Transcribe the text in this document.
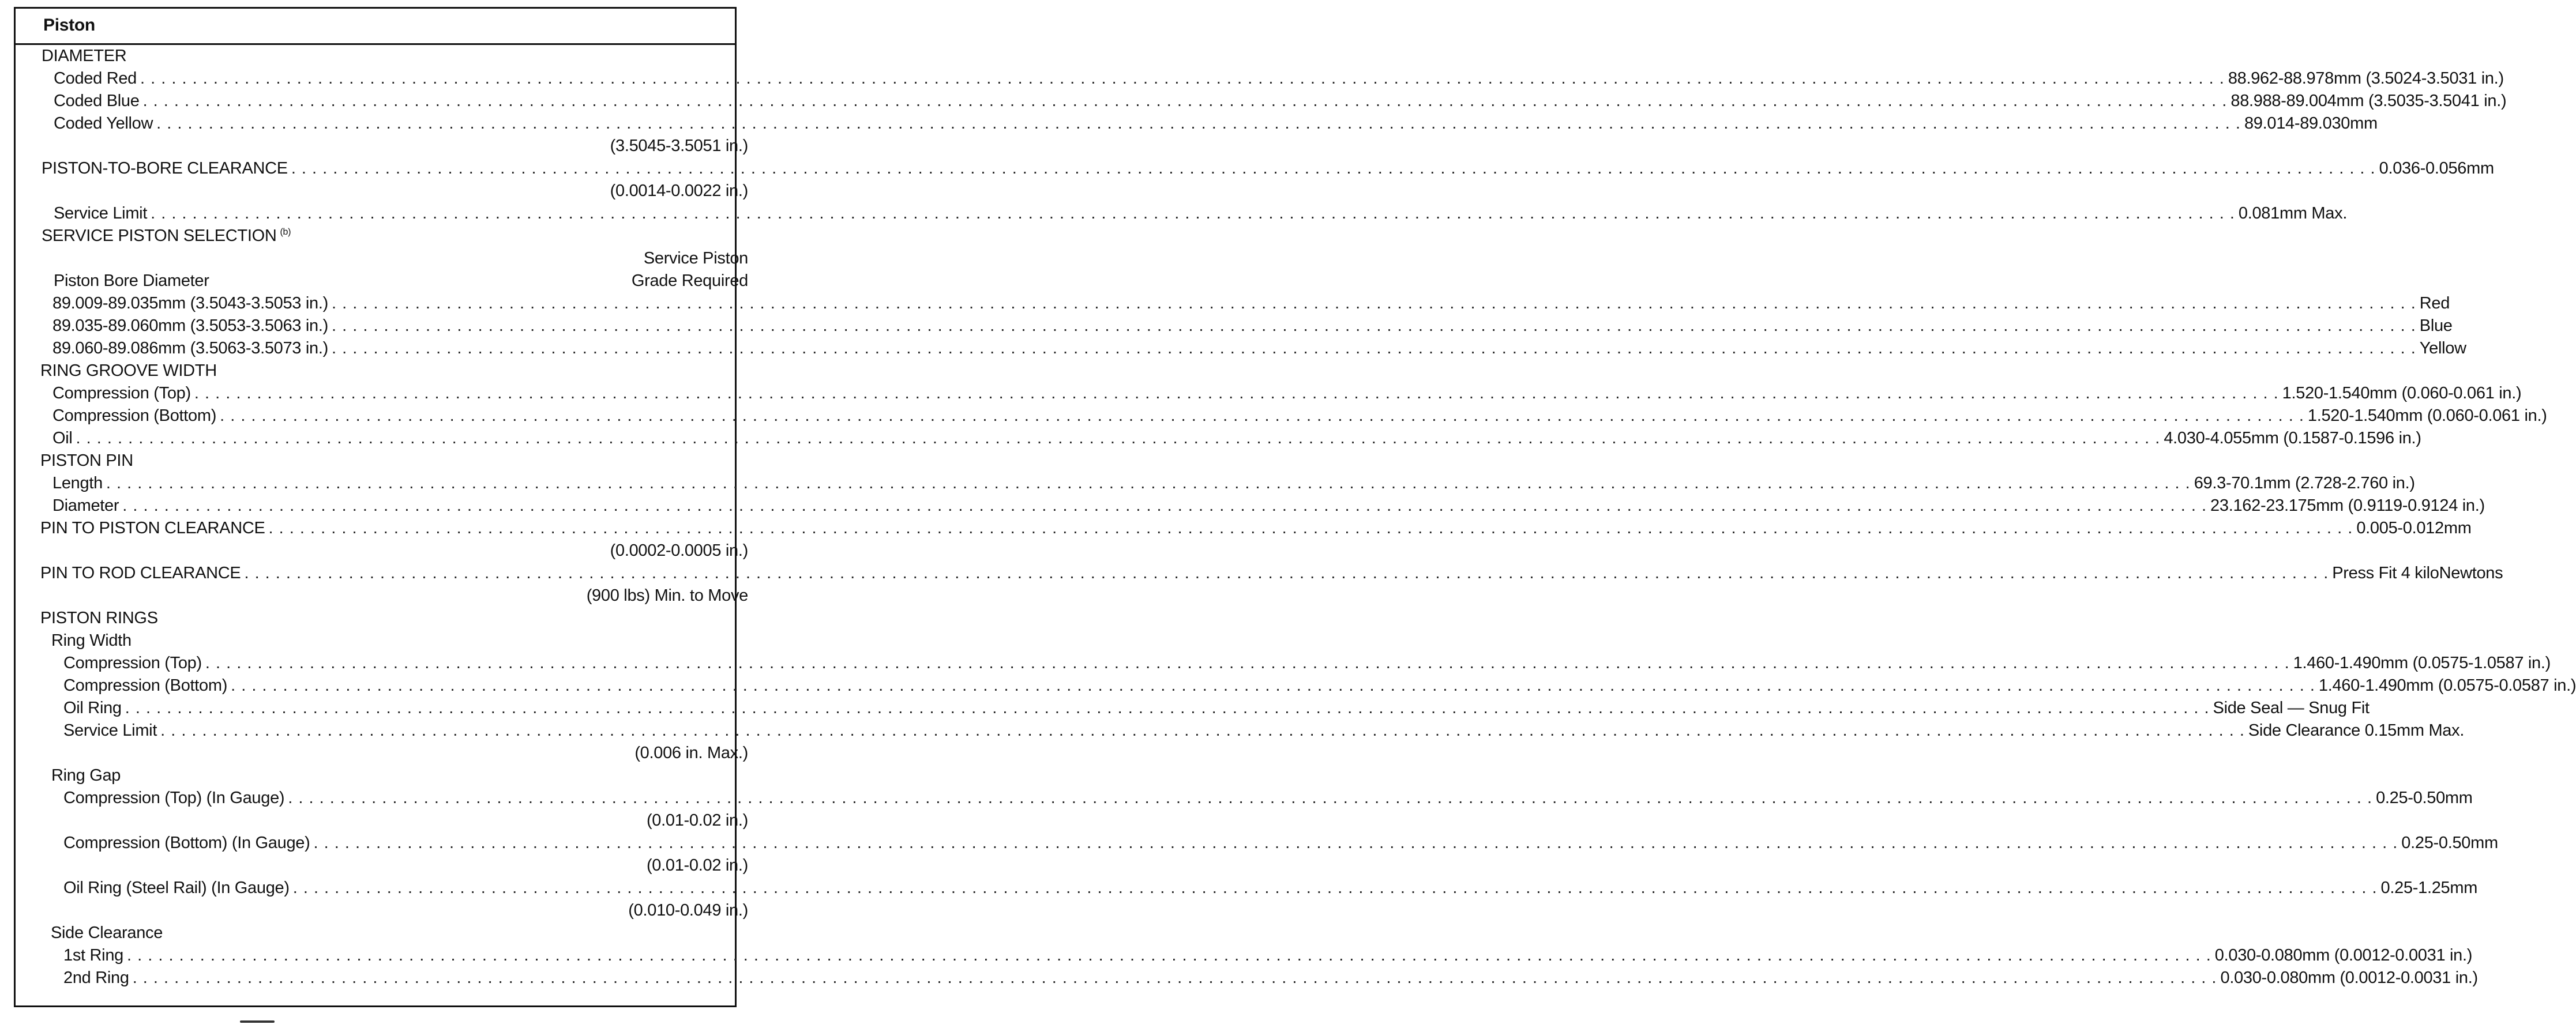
Piston
DIAMETER
Coded Red . . . . . . . . . . . . . . . . . . . . . . . . . . . . . . . . . . . . . . . . . . . . . . . . . . . . . . . . . . . . . . . . . . . . . . . . . . . . . . . . . . . . . . . . . . . . . . . . . . . . . . . . . . . . . . . . . . . . . . . . . . . . . . . . . . . . . . . . . . . . . . . . . . . . . . . . . . . . . . . . . . . . . . . . . . . . . . . . . . . . . . . . . . . . . . . . . . . . . . . . 88.962-88.978mm (3.5024-3.5031 in.)
Coded Blue . . . . . . . . . . . . . . . . . . . . . . . . . . . . . . . . . . . . . . . . . . . . . . . . . . . . . . . . . . . . . . . . . . . . . . . . . . . . . . . . . . . . . . . . . . . . . . . . . . . . . . . . . . . . . . . . . . . . . . . . . . . . . . . . . . . . . . . . . . . . . . . . . . . . . . . . . . . . . . . . . . . . . . . . . . . . . . . . . . . . . . . . . . . . . . . . . . . . . . . . 88.988-89.004mm (3.5035-3.5041 in.)
Coded Yellow . . . . . . . . . . . . . . . . . . . . . . . . . . . . . . . . . . . . . . . . . . . . . . . . . . . . . . . . . . . . . . . . . . . . . . . . . . . . . . . . . . . . . . . . . . . . . . . . . . . . . . . . . . . . . . . . . . . . . . . . . . . . . . . . . . . . . . . . . . . . . . . . . . . . . . . . . . . . . . . . . . . . . . . . . . . . . . . . . . . . . . . . . . . . . . . . . . . . . . . . 89.014-89.030mm
(3.5045-3.5051 in.)
PISTON-TO-BORE CLEARANCE . . . . . . . . . . . . . . . . . . . . . . . . . . . . . . . . . . . . . . . . . . . . . . . . . . . . . . . . . . . . . . . . . . . . . . . . . . . . . . . . . . . . . . . . . . . . . . . . . . . . . . . . . . . . . . . . . . . . . . . . . . . . . . . . . . . . . . . . . . . . . . . . . . . . . . . . . . . . . . . . . . . . . . . . . . . . . . . . . . . . . . . . . . . . . . . . . . . . . . . . 0.036-0.056mm
(0.0014-0.0022 in.)
Service Limit . . . . . . . . . . . . . . . . . . . . . . . . . . . . . . . . . . . . . . . . . . . . . . . . . . . . . . . . . . . . . . . . . . . . . . . . . . . . . . . . . . . . . . . . . . . . . . . . . . . . . . . . . . . . . . . . . . . . . . . . . . . . . . . . . . . . . . . . . . . . . . . . . . . . . . . . . . . . . . . . . . . . . . . . . . . . . . . . . . . . . . . . . . . . . . . . . . . . . . . . 0.081mm Max.
SERVICE PISTON SELECTION $^{(b)}$
Service Piston
Piston Bore Diameter	Grade Required
89.009-89.035mm (3.5043-3.5053 in.) . . . . . . . . . . . . . . . . . . . . . . . . . . . . . . . . . . . . . . . . . . . . . . . . . . . . . . . . . . . . . . . . . . . . . . . . . . . . . . . . . . . . . . . . . . . . . . . . . . . . . . . . . . . . . . . . . . . . . . . . . . . . . . . . . . . . . . . . . . . . . . . . . . . . . . . . . . . . . . . . . . . . . . . . . . . . . . . . . . . . . . . . . . . . . . . . . . . . . . . . Red
89.035-89.060mm (3.5053-3.5063 in.) . . . . . . . . . . . . . . . . . . . . . . . . . . . . . . . . . . . . . . . . . . . . . . . . . . . . . . . . . . . . . . . . . . . . . . . . . . . . . . . . . . . . . . . . . . . . . . . . . . . . . . . . . . . . . . . . . . . . . . . . . . . . . . . . . . . . . . . . . . . . . . . . . . . . . . . . . . . . . . . . . . . . . . . . . . . . . . . . . . . . . . . . . . . . . . . . . . . . . . . . Blue
89.060-89.086mm (3.5063-3.5073 in.) . . . . . . . . . . . . . . . . . . . . . . . . . . . . . . . . . . . . . . . . . . . . . . . . . . . . . . . . . . . . . . . . . . . . . . . . . . . . . . . . . . . . . . . . . . . . . . . . . . . . . . . . . . . . . . . . . . . . . . . . . . . . . . . . . . . . . . . . . . . . . . . . . . . . . . . . . . . . . . . . . . . . . . . . . . . . . . . . . . . . . . . . . . . . . . . . . . . . . . . . Yellow
RING GROOVE WIDTH
Compression (Top) . . . . . . . . . . . . . . . . . . . . . . . . . . . . . . . . . . . . . . . . . . . . . . . . . . . . . . . . . . . . . . . . . . . . . . . . . . . . . . . . . . . . . . . . . . . . . . . . . . . . . . . . . . . . . . . . . . . . . . . . . . . . . . . . . . . . . . . . . . . . . . . . . . . . . . . . . . . . . . . . . . . . . . . . . . . . . . . . . . . . . . . . . . . . . . . . . . . . . . . . 1.520-1.540mm (0.060-0.061 in.)
Compression (Bottom) . . . . . . . . . . . . . . . . . . . . . . . . . . . . . . . . . . . . . . . . . . . . . . . . . . . . . . . . . . . . . . . . . . . . . . . . . . . . . . . . . . . . . . . . . . . . . . . . . . . . . . . . . . . . . . . . . . . . . . . . . . . . . . . . . . . . . . . . . . . . . . . . . . . . . . . . . . . . . . . . . . . . . . . . . . . . . . . . . . . . . . . . . . . . . . . . . . . . . . . . 1.520-1.540mm (0.060-0.061 in.)
Oil . . . . . . . . . . . . . . . . . . . . . . . . . . . . . . . . . . . . . . . . . . . . . . . . . . . . . . . . . . . . . . . . . . . . . . . . . . . . . . . . . . . . . . . . . . . . . . . . . . . . . . . . . . . . . . . . . . . . . . . . . . . . . . . . . . . . . . . . . . . . . . . . . . . . . . . . . . . . . . . . . . . . . . . . . . . . . . . . . . . . . . . . . . . . . . . . . . . . . . . . 4.030-4.055mm (0.1587-0.1596 in.)
PISTON PIN
Length . . . . . . . . . . . . . . . . . . . . . . . . . . . . . . . . . . . . . . . . . . . . . . . . . . . . . . . . . . . . . . . . . . . . . . . . . . . . . . . . . . . . . . . . . . . . . . . . . . . . . . . . . . . . . . . . . . . . . . . . . . . . . . . . . . . . . . . . . . . . . . . . . . . . . . . . . . . . . . . . . . . . . . . . . . . . . . . . . . . . . . . . . . . . . . . . . . . . . . . . 69.3-70.1mm (2.728-2.760 in.)
Diameter . . . . . . . . . . . . . . . . . . . . . . . . . . . . . . . . . . . . . . . . . . . . . . . . . . . . . . . . . . . . . . . . . . . . . . . . . . . . . . . . . . . . . . . . . . . . . . . . . . . . . . . . . . . . . . . . . . . . . . . . . . . . . . . . . . . . . . . . . . . . . . . . . . . . . . . . . . . . . . . . . . . . . . . . . . . . . . . . . . . . . . . . . . . . . . . . . . . . . . . . 23.162-23.175mm (0.9119-0.9124 in.)
PIN TO PISTON CLEARANCE . . . . . . . . . . . . . . . . . . . . . . . . . . . . . . . . . . . . . . . . . . . . . . . . . . . . . . . . . . . . . . . . . . . . . . . . . . . . . . . . . . . . . . . . . . . . . . . . . . . . . . . . . . . . . . . . . . . . . . . . . . . . . . . . . . . . . . . . . . . . . . . . . . . . . . . . . . . . . . . . . . . . . . . . . . . . . . . . . . . . . . . . . . . . . . . . . . . . . . . . 0.005-0.012mm
(0.0002-0.0005 in.)
PIN TO ROD CLEARANCE . . . . . . . . . . . . . . . . . . . . . . . . . . . . . . . . . . . . . . . . . . . . . . . . . . . . . . . . . . . . . . . . . . . . . . . . . . . . . . . . . . . . . . . . . . . . . . . . . . . . . . . . . . . . . . . . . . . . . . . . . . . . . . . . . . . . . . . . . . . . . . . . . . . . . . . . . . . . . . . . . . . . . . . . . . . . . . . . . . . . . . . . . . . . . . . . . . . . . . . . Press Fit 4 kiloNewtons
(900 lbs) Min. to Move
PISTON RINGS
Ring Width
Compression (Top) . . . . . . . . . . . . . . . . . . . . . . . . . . . . . . . . . . . . . . . . . . . . . . . . . . . . . . . . . . . . . . . . . . . . . . . . . . . . . . . . . . . . . . . . . . . . . . . . . . . . . . . . . . . . . . . . . . . . . . . . . . . . . . . . . . . . . . . . . . . . . . . . . . . . . . . . . . . . . . . . . . . . . . . . . . . . . . . . . . . . . . . . . . . . . . . . . . . . . . . . 1.460-1.490mm (0.0575-1.0587 in.)
Compression (Bottom) . . . . . . . . . . . . . . . . . . . . . . . . . . . . . . . . . . . . . . . . . . . . . . . . . . . . . . . . . . . . . . . . . . . . . . . . . . . . . . . . . . . . . . . . . . . . . . . . . . . . . . . . . . . . . . . . . . . . . . . . . . . . . . . . . . . . . . . . . . . . . . . . . . . . . . . . . . . . . . . . . . . . . . . . . . . . . . . . . . . . . . . . . . . . . . . . . . . . . . . . 1.460-1.490mm (0.0575-0.0587 in.)
Oil Ring . . . . . . . . . . . . . . . . . . . . . . . . . . . . . . . . . . . . . . . . . . . . . . . . . . . . . . . . . . . . . . . . . . . . . . . . . . . . . . . . . . . . . . . . . . . . . . . . . . . . . . . . . . . . . . . . . . . . . . . . . . . . . . . . . . . . . . . . . . . . . . . . . . . . . . . . . . . . . . . . . . . . . . . . . . . . . . . . . . . . . . . . . . . . . . . . . . . . . . . . Side Seal — Snug Fit
Service Limit . . . . . . . . . . . . . . . . . . . . . . . . . . . . . . . . . . . . . . . . . . . . . . . . . . . . . . . . . . . . . . . . . . . . . . . . . . . . . . . . . . . . . . . . . . . . . . . . . . . . . . . . . . . . . . . . . . . . . . . . . . . . . . . . . . . . . . . . . . . . . . . . . . . . . . . . . . . . . . . . . . . . . . . . . . . . . . . . . . . . . . . . . . . . . . . . . . . . . . . . Side Clearance 0.15mm Max.
(0.006 in. Max.)
Ring Gap
Compression (Top) (In Gauge) . . . . . . . . . . . . . . . . . . . . . . . . . . . . . . . . . . . . . . . . . . . . . . . . . . . . . . . . . . . . . . . . . . . . . . . . . . . . . . . . . . . . . . . . . . . . . . . . . . . . . . . . . . . . . . . . . . . . . . . . . . . . . . . . . . . . . . . . . . . . . . . . . . . . . . . . . . . . . . . . . . . . . . . . . . . . . . . . . . . . . . . . . . . . . . . . . . . . . . . . 0.25-0.50mm
(0.01-0.02 in.)
Compression (Bottom) (In Gauge) . . . . . . . . . . . . . . . . . . . . . . . . . . . . . . . . . . . . . . . . . . . . . . . . . . . . . . . . . . . . . . . . . . . . . . . . . . . . . . . . . . . . . . . . . . . . . . . . . . . . . . . . . . . . . . . . . . . . . . . . . . . . . . . . . . . . . . . . . . . . . . . . . . . . . . . . . . . . . . . . . . . . . . . . . . . . . . . . . . . . . . . . . . . . . . . . . . . . . . . . 0.25-0.50mm
(0.01-0.02 in.)
Oil Ring (Steel Rail) (In Gauge) . . . . . . . . . . . . . . . . . . . . . . . . . . . . . . . . . . . . . . . . . . . . . . . . . . . . . . . . . . . . . . . . . . . . . . . . . . . . . . . . . . . . . . . . . . . . . . . . . . . . . . . . . . . . . . . . . . . . . . . . . . . . . . . . . . . . . . . . . . . . . . . . . . . . . . . . . . . . . . . . . . . . . . . . . . . . . . . . . . . . . . . . . . . . . . . . . . . . . . . . 0.25-1.25mm
(0.010-0.049 in.)
Side Clearance
1st Ring . . . . . . . . . . . . . . . . . . . . . . . . . . . . . . . . . . . . . . . . . . . . . . . . . . . . . . . . . . . . . . . . . . . . . . . . . . . . . . . . . . . . . . . . . . . . . . . . . . . . . . . . . . . . . . . . . . . . . . . . . . . . . . . . . . . . . . . . . . . . . . . . . . . . . . . . . . . . . . . . . . . . . . . . . . . . . . . . . . . . . . . . . . . . . . . . . . . . . . . . 0.030-0.080mm (0.0012-0.0031 in.)
2nd Ring . . . . . . . . . . . . . . . . . . . . . . . . . . . . . . . . . . . . . . . . . . . . . . . . . . . . . . . . . . . . . . . . . . . . . . . . . . . . . . . . . . . . . . . . . . . . . . . . . . . . . . . . . . . . . . . . . . . . . . . . . . . . . . . . . . . . . . . . . . . . . . . . . . . . . . . . . . . . . . . . . . . . . . . . . . . . . . . . . . . . . . . . . . . . . . . . . . . . . . . . 0.030-0.080mm (0.0012-0.0031 in.)
